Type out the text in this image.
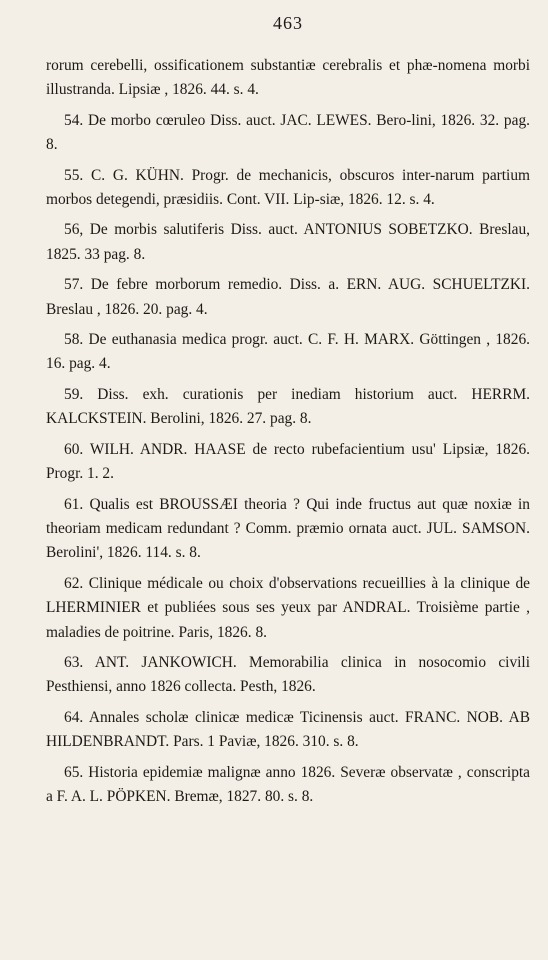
463

rorum cerebelli, ossificationem substantiæ cerebralis et phæ-nomena morbi illustranda. Lipsiæ , 1826. 44. s. 4.

54. De morbo cœruleo Diss. auct. JAC. LEWES. Bero-lini, 1826. 32. pag. 8.

55. C. G. KÜHN. Progr. de mechanicis, obscuros inter-narum partium morbos detegendi, præsidiis. Cont. VII. Lip-siæ, 1826. 12. s. 4.

56, De morbis salutiferis Diss. auct. ANTONIUS SOBETZKO. Breslau, 1825. 33 pag. 8.

57. De febre morborum remedio. Diss. a. ERN. AUG. SCHUELTZKI. Breslau , 1826. 20. pag. 4.

58. De euthanasia medica progr. auct. C. F. H. MARX. Göttingen , 1826. 16. pag. 4.

59. Diss. exh. curationis per inediam historium auct. HERRM. KALCKSTEIN. Berolini, 1826. 27. pag. 8.

60. WILH. ANDR. HAASE de recto rubefacientium usu' Lipsiæ, 1826. Progr. 1. 2.

61. Qualis est BROUSSÆI theoria ? Qui inde fructus aut quæ noxiæ in theoriam medicam redundant ? Comm. præmio ornata auct. JUL. SAMSON. Berolini', 1826. 114. s. 8.

62. Clinique médicale ou choix d'observations recueillies à la clinique de LHERMINIER et publiées sous ses yeux par ANDRAL. Troisième partie , maladies de poitrine. Paris, 1826. 8.

63. ANT. JANKOWICH. Memorabilia clinica in nosocomio civili Pesthiensi, anno 1826 collecta. Pesth, 1826.

64. Annales scholæ clinicæ medicæ Ticinensis auct. FRANC. NOB. AB HILDENBRANDT. Pars. 1 Paviæ, 1826. 310. s. 8.

65. Historia epidemiæ malignæ anno 1826. Severæ observatæ , conscripta a F. A. L. PÖPKEN. Bremæ, 1827. 80. s. 8.
